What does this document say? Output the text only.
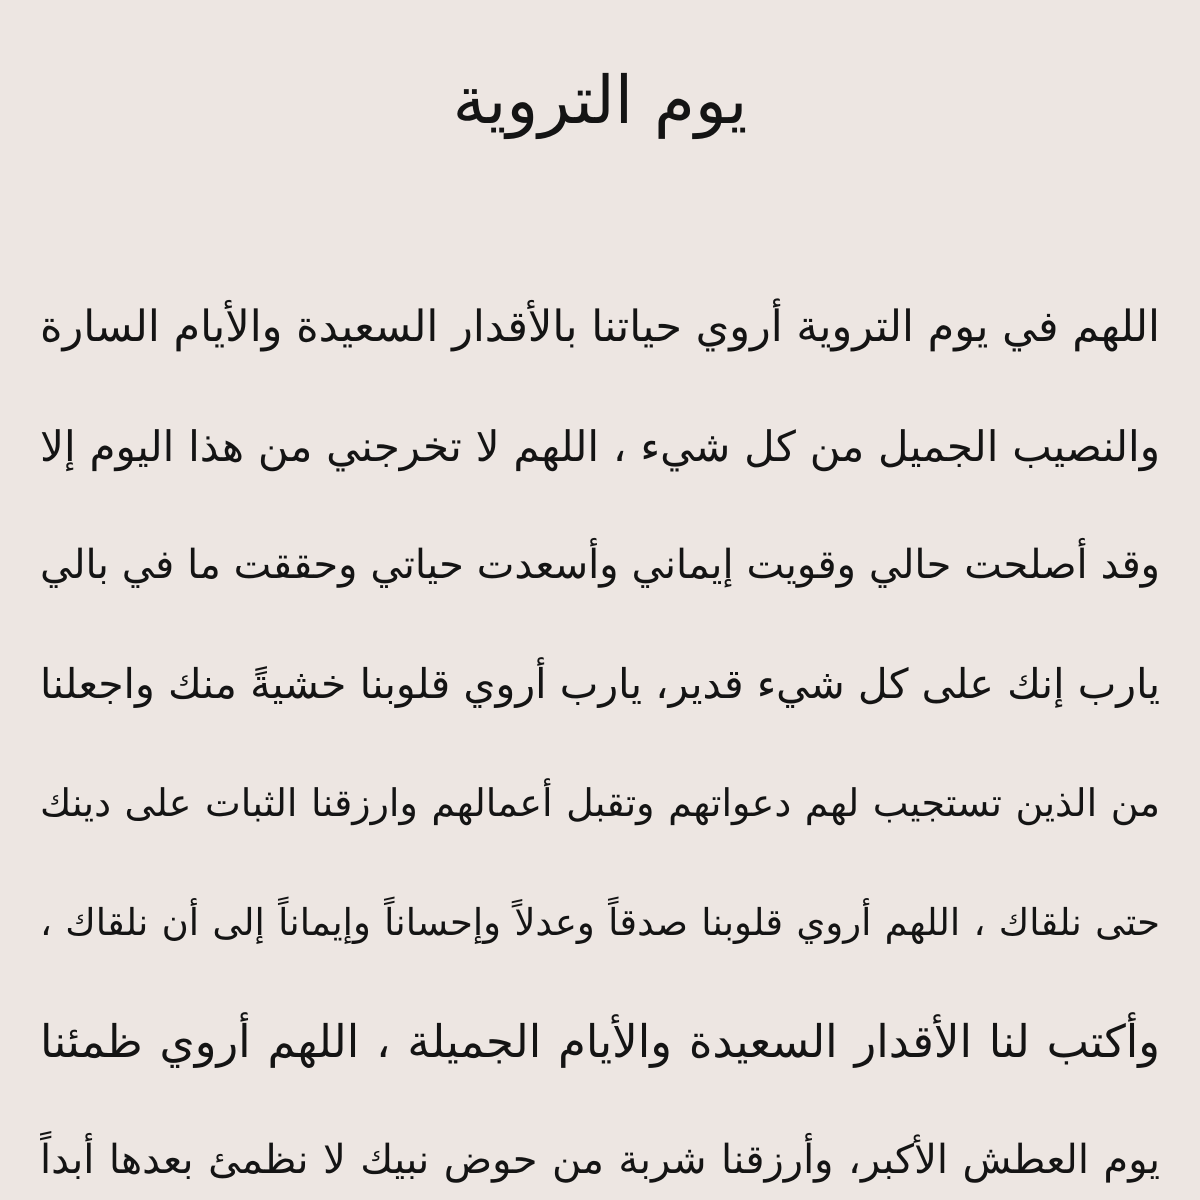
يوم التروية
اللهم في يوم التروية أروي حياتنا بالأقدار السعيدة والأيام السارة
والنصيب الجميل من كل شيء ، اللهم لا تخرجني من هذا اليوم إلا
وقد أصلحت حالي وقويت إيماني وأسعدت حياتي وحققت ما في بالي
يارب إنك على كل شيء قدير، يارب أروي قلوبنا خشيةً منك واجعلنا
من الذين تستجيب لهم دعواتهم وتقبل أعمالهم وارزقنا الثبات على دينك
حتى نلقاك ، اللهم أروي قلوبنا صدقاً وعدلاً وإحساناً وإيماناً إلى أن نلقاك ،
وأكتب لنا الأقدار السعيدة والأيام الجميلة ، اللهم أروي ظمئنا
يوم العطش الأكبر، وأرزقنا شربة من حوض نبيك لا نظمئ بعدها أبداً
